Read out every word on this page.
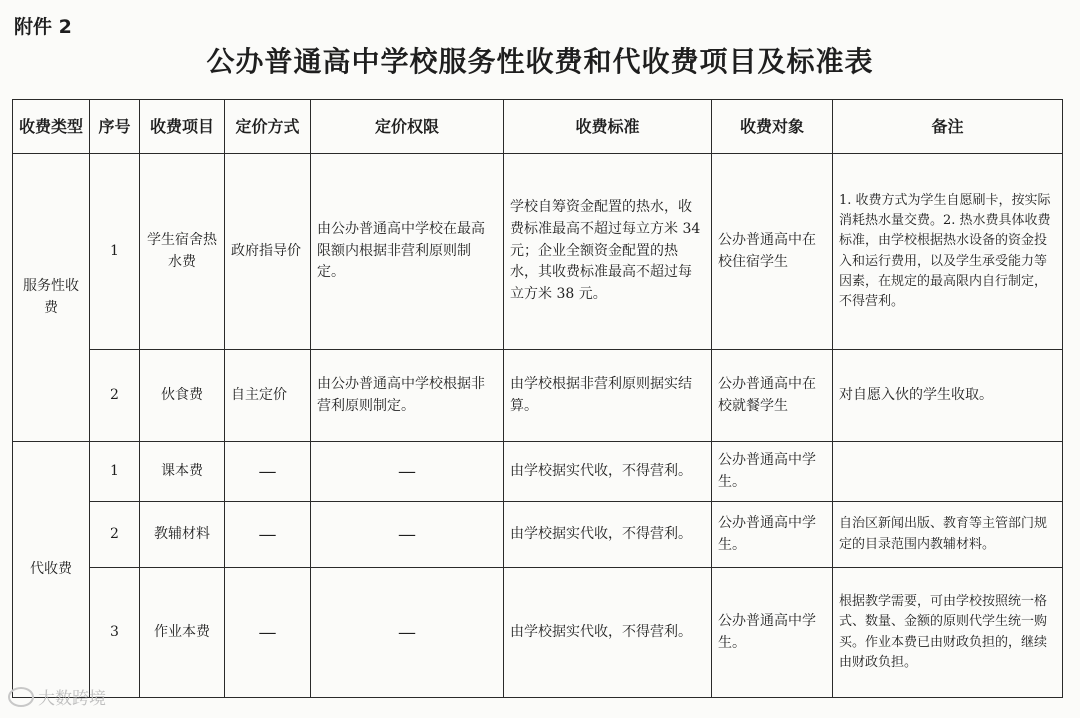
附件 2
公办普通高中学校服务性收费和代收费项目及标准表
收费类型	序号	收费项目	定价方式	定价权限	收费标准	收费对象	备注
服务性收费	1	学生宿舍热水费	政府指导价	由公办普通高中学校在最高限额内根据非营利原则制定。	学校自筹资金配置的热水，收费标准最高不超过每立方米 34 元；企业全额资金配置的热水，其收费标准最高不超过每立方米 38 元。	公办普通高中在校住宿学生	1. 收费方式为学生自愿刷卡，按实际消耗热水量交费。2. 热水费具体收费标准，由学校根据热水设备的资金投入和运行费用，以及学生承受能力等因素，在规定的最高限内自行制定，不得营利。
	2	伙食费	自主定价	由公办普通高中学校根据非营利原则制定。	由学校根据非营利原则据实结算。	公办普通高中在校就餐学生	对自愿入伙的学生收取。
代收费	1	课本费	—	—	由学校据实代收，不得营利。	公办普通高中学生。	
	2	教辅材料	—	—	由学校据实代收，不得营利。	公办普通高中学生。	自治区新闻出版、教育等主管部门规定的目录范围内教辅材料。
	3	作业本费	—	—	由学校据实代收，不得营利。	公办普通高中学生。	根据教学需要，可由学校按照统一格式、数量、金额的原则代学生统一购买。作业本费已由财政负担的，继续由财政负担。
大数跨境
